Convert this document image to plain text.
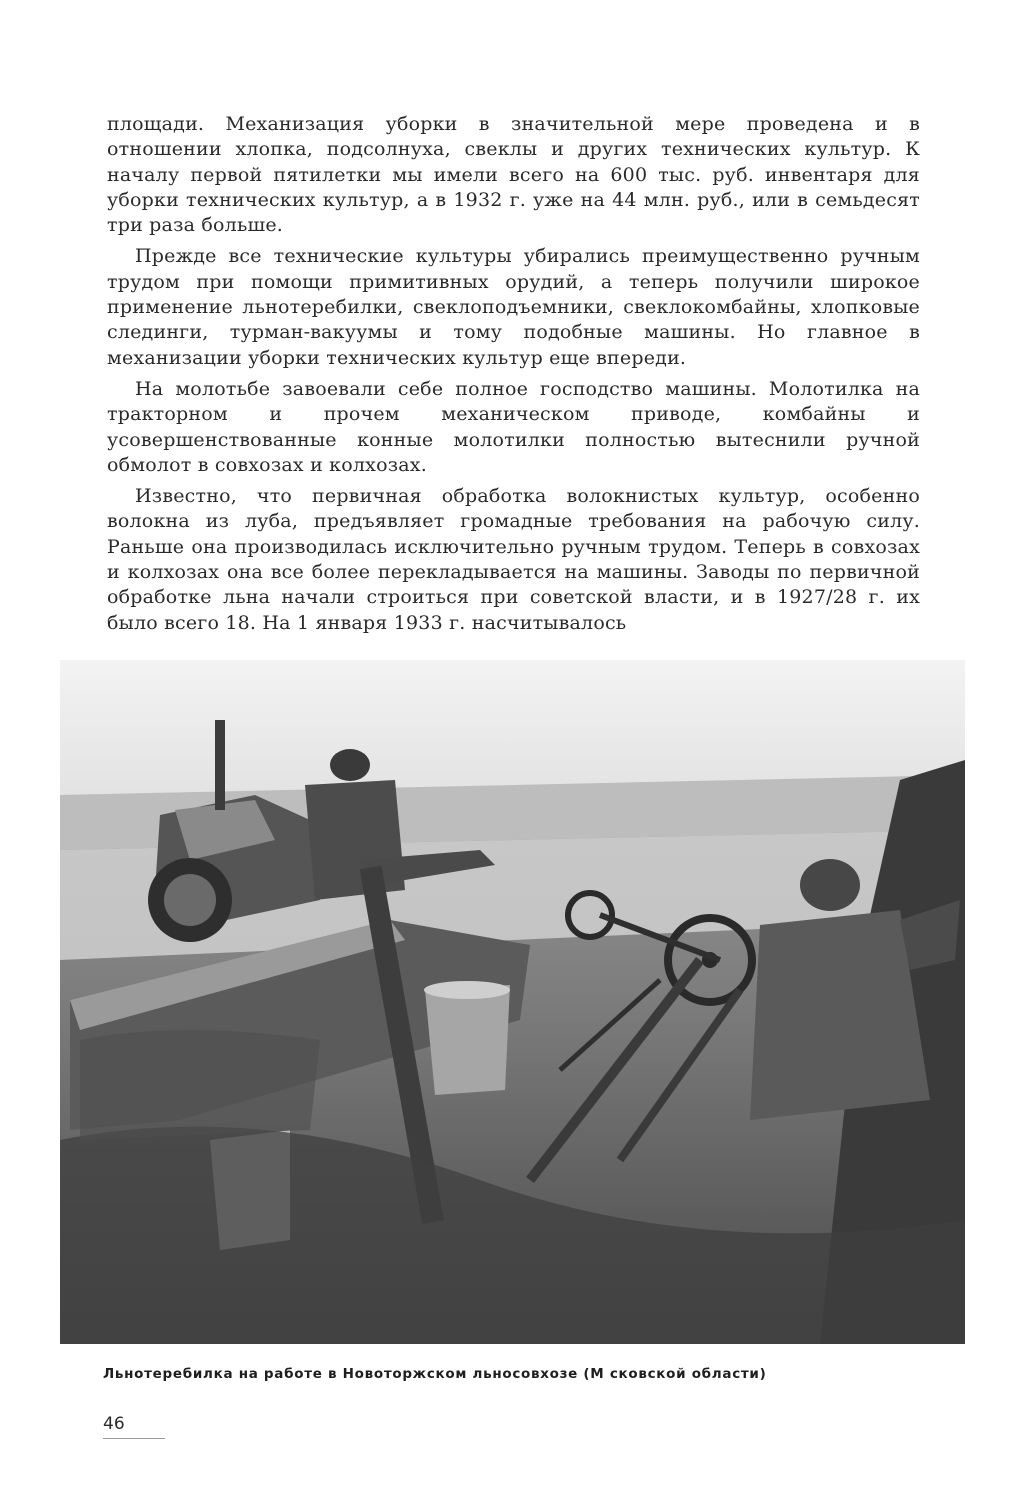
площади. Механизация уборки в значительной мере проведена и в отношении хлопка, подсолнуха, свеклы и других технических культур. К началу первой пятилетки мы имели всего на 600 тыс. руб. инвентаря для уборки технических культур, а в 1932 г. уже на 44 млн. руб., или в семьдесят три раза больше.

Прежде все технические культуры убирались преимущественно ручным трудом при помощи примитивных орудий, а теперь получили широкое применение льнотеребилки, свеклоподъемники, свеклокомбайны, хлопковые слединги, турман-вакуумы и тому подобные машины. Но главное в механизации уборки технических культур еще впереди.

На молотьбе завоевали себе полное господство машины. Молотилка на тракторном и прочем механическом приводе, комбайны и усовершенствованные конные молотилки полностью вытеснили ручной обмолот в совхозах и колхозах.

Известно, что первичная обработка волокнистых культур, особенно волокна из луба, предъявляет громадные требования на рабочую силу. Раньше она производилась исключительно ручным трудом. Теперь в совхозах и колхозах она все более перекладывается на машины. Заводы по первичной обработке льна начали строиться при советской власти, и в 1927/28 г. их было всего 18. На 1 января 1933 г. насчитывалось

Льнотеребилка на работе в Новоторжском льносовхозе (М сковской области)
46
